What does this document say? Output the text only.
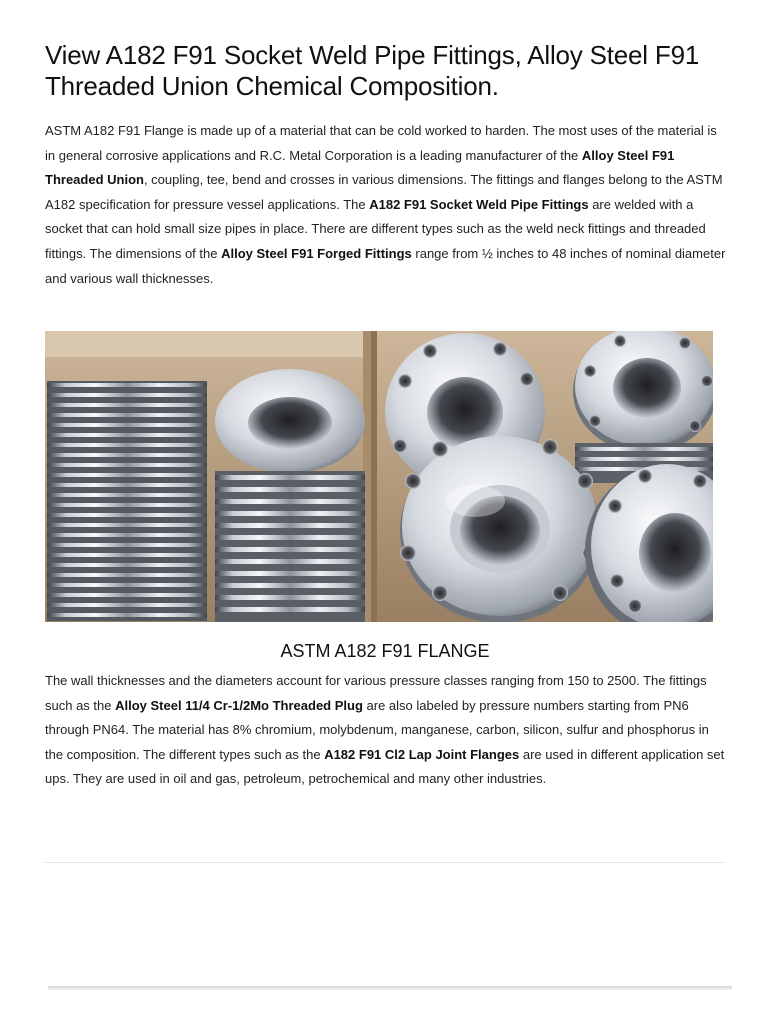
View A182 F91 Socket Weld Pipe Fittings, Alloy Steel F91 Threaded Union Chemical Composition.

ASTM A182 F91 Flange is made up of a material that can be cold worked to harden. The most uses of the material is in general corrosive applications and R.C. Metal Corporation is a leading manufacturer of the Alloy Steel F91 Threaded Union, coupling, tee, bend and crosses in various dimensions. The fittings and flanges belong to the ASTM A182 specification for pressure vessel applications. The A182 F91 Socket Weld Pipe Fittings are welded with a socket that can hold small size pipes in place. There are different types such as the weld neck fittings and threaded fittings. The dimensions of the Alloy Steel F91 Forged Fittings range from ½ inches to 48 inches of nominal diameter and various wall thicknesses.

ASTM A182 F91 FLANGE

The wall thicknesses and the diameters account for various pressure classes ranging from 150 to 2500. The fittings such as the Alloy Steel 11/4 Cr-1/2Mo Threaded Plug are also labeled by pressure numbers starting from PN6 through PN64. The material has 8% chromium, molybdenum, manganese, carbon, silicon, sulfur and phosphorus in the composition. The different types such as the A182 F91 Cl2 Lap Joint Flanges are used in different application set ups. They are used in oil and gas, petroleum, petrochemical and many other industries.
